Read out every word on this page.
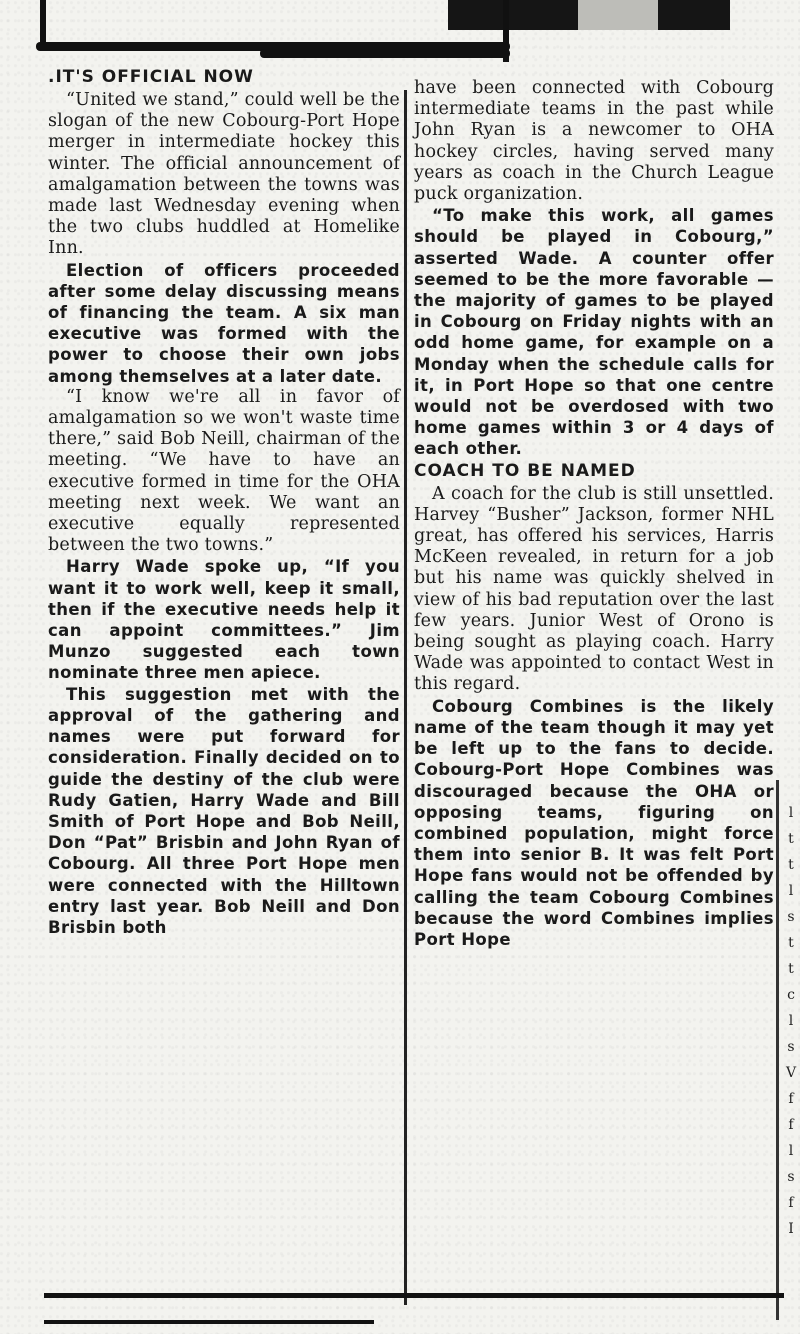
.IT'S OFFICIAL NOW

“United we stand,” could well be the slogan of the new Cobourg-Port Hope merger in intermediate hockey this winter. The official announcement of amalgamation between the towns was made last Wednesday evening when the two clubs huddled at Homelike Inn.

Election of officers proceeded after some delay discussing means of financing the team. A six man executive was formed with the power to choose their own jobs among themselves at a later date.

“I know we're all in favor of amalgamation so we won't waste time there,” said Bob Neill, chairman of the meeting. “We have to have an executive formed in time for the OHA meeting next week. We want an executive equally represented between the two towns.”

Harry Wade spoke up, “If you want it to work well, keep it small, then if the executive needs help it can appoint committees.” Jim Munzo suggested each town nominate three men apiece.

This suggestion met with the approval of the gathering and names were put forward for consideration. Finally decided on to guide the destiny of the club were Rudy Gatien, Harry Wade and Bill Smith of Port Hope and Bob Neill, Don “Pat” Brisbin and John Ryan of Cobourg. All three Port Hope men were connected with the Hilltown entry last year. Bob Neill and Don Brisbin both

have been connected with Cobourg intermediate teams in the past while John Ryan is a newcomer to OHA hockey circles, having served many years as coach in the Church League puck organization.

“To make this work, all games should be played in Cobourg,” asserted Wade. A counter offer seemed to be the more favorable — the majority of games to be played in Cobourg on Friday nights with an odd home game, for example on a Monday when the schedule calls for it, in Port Hope so that one centre would not be overdosed with two home games within 3 or 4 days of each other.

COACH TO BE NAMED

A coach for the club is still unsettled. Harvey “Busher” Jackson, former NHL great, has offered his services, Harris McKeen revealed, in return for a job but his name was quickly shelved in view of his bad reputation over the last few years. Junior West of Orono is being sought as playing coach. Harry Wade was appointed to contact West in this regard.

Cobourg Combines is the likely name of the team though it may yet be left up to the fans to decide. Cobourg-Port Hope Combines was discouraged because the OHA or opposing teams, figuring on combined population, might force them into senior B. It was felt Port Hope fans would not be offended by calling the team Cobourg Combines because the word Combines implies Port Hope

l
t
t
l
s
t
t
c
l
s
V
f
f
l
s
f
I
